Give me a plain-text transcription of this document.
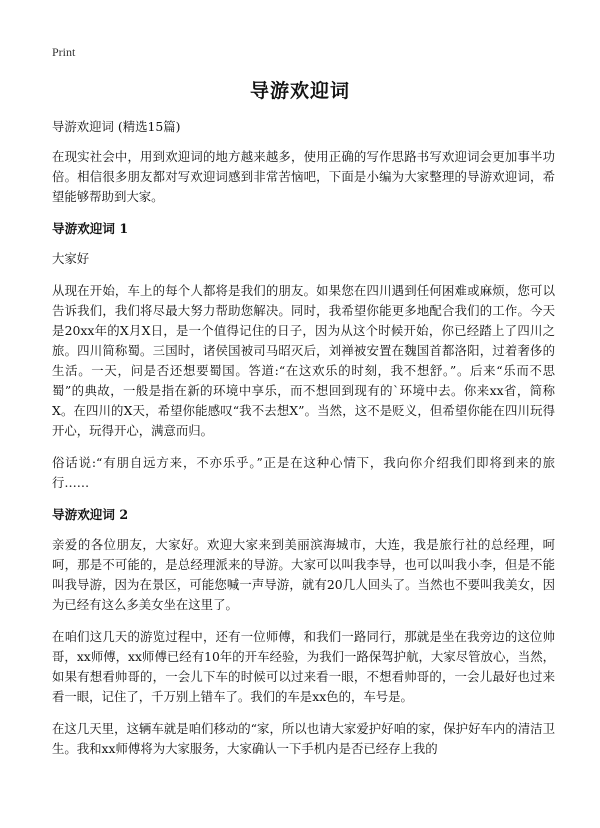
Print
导游欢迎词

导游欢迎词 (精选15篇)

在现实社会中，用到欢迎词的地方越来越多，使用正确的写作思路书写欢迎词会更加事半功倍。相信很多朋友都对写欢迎词感到非常苦恼吧，下面是小编为大家整理的导游欢迎词，希望能够帮助到大家。

导游欢迎词 1

大家好

从现在开始，车上的每个人都将是我们的朋友。如果您在四川遇到任何困难或麻烦，您可以告诉我们，我们将尽最大努力帮助您解决。同时，我希望你能更多地配合我们的工作。今天是20xx年的X月X日，是一个值得记住的日子，因为从这个时候开始，你已经踏上了四川之旅。四川简称蜀。三国时，诸侯国被司马昭灭后，刘禅被安置在魏国首都洛阳，过着奢侈的生活。一天，问是否还想要蜀国。答道:“在这欢乐的时刻，我不想舒。”。后来“乐而不思蜀”的典故，一般是指在新的环境中享乐，而不想回到现有的`环境中去。你来xx省，简称X。在四川的X天，希望你能感叹“我不去想X”。当然，这不是贬义，但希望你能在四川玩得开心，玩得开心，满意而归。

俗话说:“有朋自远方来，不亦乐乎。”正是在这种心情下，我向你介绍我们即将到来的旅行……

导游欢迎词 2

亲爱的各位朋友，大家好。欢迎大家来到美丽滨海城市，大连，我是旅行社的总经理，呵呵，那是不可能的，是总经理派来的导游。大家可以叫我李导，也可以叫我小李，但是不能叫我导游，因为在景区，可能您喊一声导游，就有20几人回头了。当然也不要叫我美女，因为已经有这么多美女坐在这里了。

在咱们这几天的游览过程中，还有一位师傅，和我们一路同行，那就是坐在我旁边的这位帅哥，xx师傅，xx师傅已经有10年的开车经验，为我们一路保驾护航，大家尽管放心，当然，如果有想看帅哥的，一会儿下车的时候可以过来看一眼，不想看帅哥的，一会儿最好也过来看一眼，记住了，千万别上错车了。我们的车是xx色的，车号是。

在这几天里，这辆车就是咱们移动的“家，所以也请大家爱护好咱的家，保护好车内的清洁卫生。我和xx师傅将为大家服务，大家确认一下手机内是否已经存上我的
